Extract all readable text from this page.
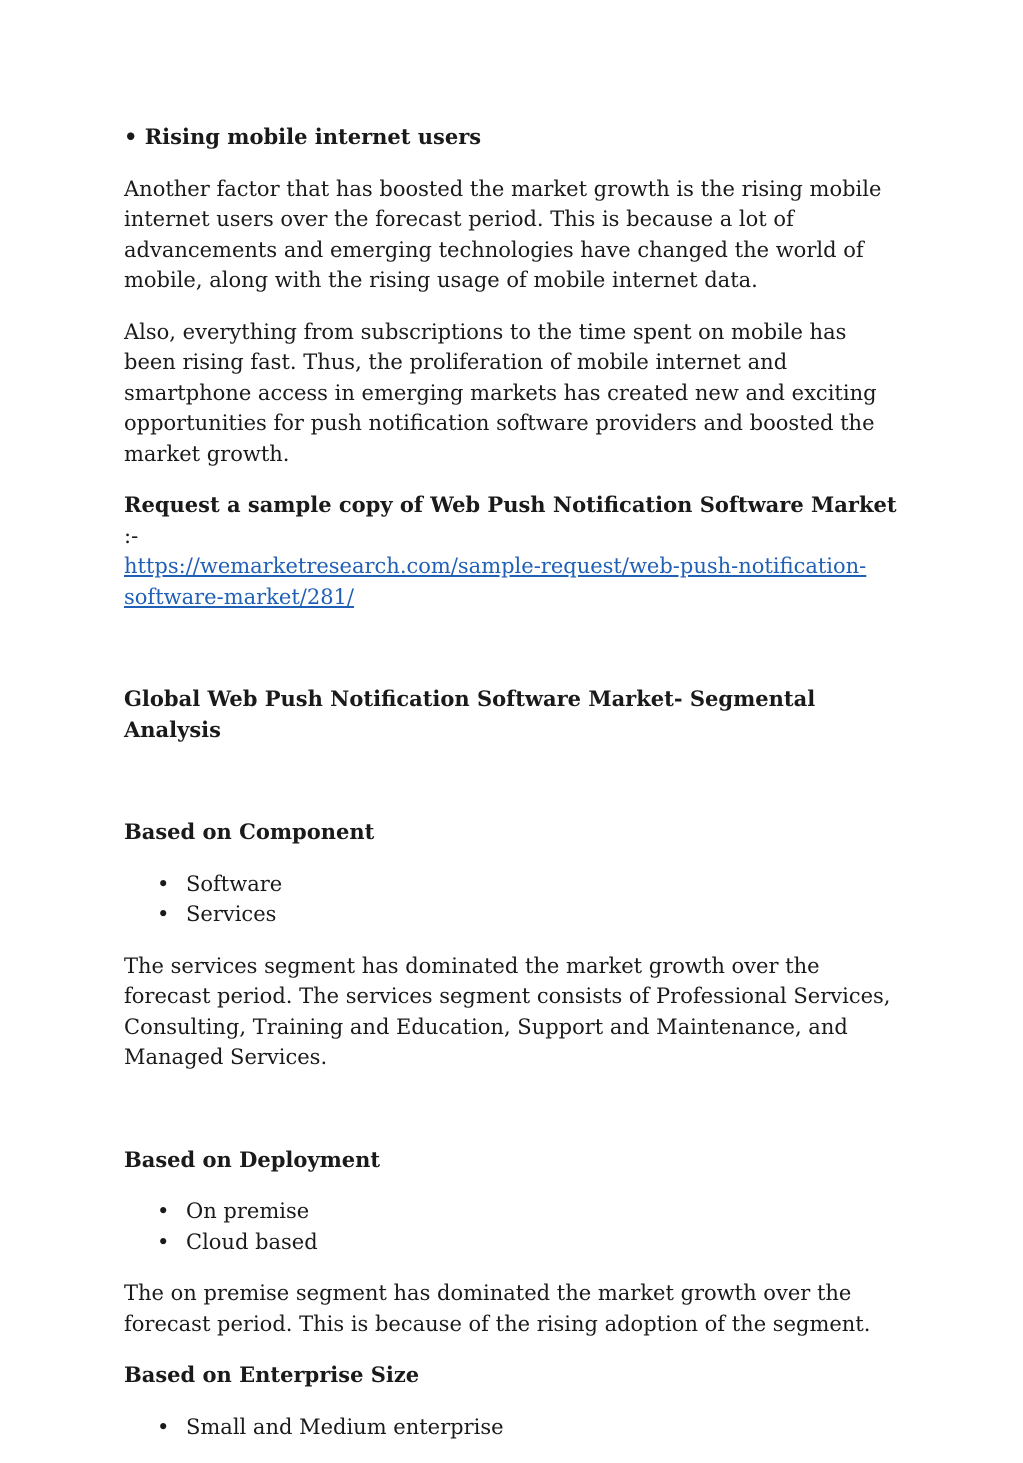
• Rising mobile internet users

Another factor that has boosted the market growth is the rising mobile internet users over the forecast period. This is because a lot of advancements and emerging technologies have changed the world of mobile, along with the rising usage of mobile internet data.

Also, everything from subscriptions to the time spent on mobile has been rising fast. Thus, the proliferation of mobile internet and smartphone access in emerging markets has created new and exciting opportunities for push notification software providers and boosted the market growth.

Request a sample copy of Web Push Notification Software Market :-
https://wemarketresearch.com/sample-request/web-push-notification-software-market/281/

Global Web Push Notification Software Market- Segmental Analysis

Based on Component

• Software
• Services

The services segment has dominated the market growth over the forecast period. The services segment consists of Professional Services, Consulting, Training and Education, Support and Maintenance, and Managed Services.

Based on Deployment

• On premise
• Cloud based

The on premise segment has dominated the market growth over the forecast period. This is because of the rising adoption of the segment.

Based on Enterprise Size

• Small and Medium enterprise
